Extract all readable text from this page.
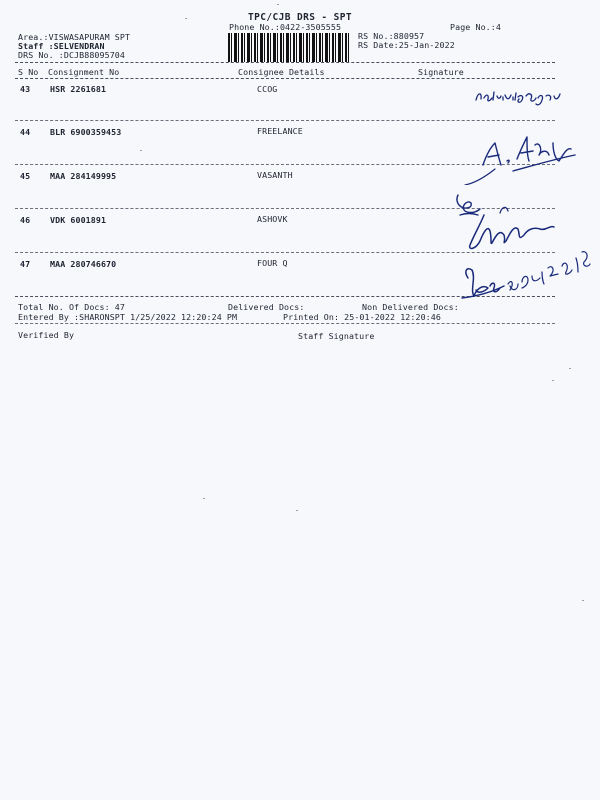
TPC/CJB DRS - SPT
Phone No.:0422-3505555	Page No.:4
Area.:VISWASAPURAM SPT
Staff :SELVENDRAN
DRS No. :DCJB88095704
RS No.:880957
RS Date:25-Jan-2022
S No Consignment No	Consignee Details	Signature
43 HSR 2261681	CCOG
44 BLR 6900359453	FREELANCE
45 MAA 284149995	VASANTH
46 VDK 6001891	ASHOVK
47 MAA 280746670	FOUR Q
Total No. Of Docs: 47	Delivered Docs:	Non Delivered Docs:
Entered By :SHARONSPT 1/25/2022 12:20:24 PM	Printed On: 25-01-2022 12:20:46
Verified By	Staff Signature
